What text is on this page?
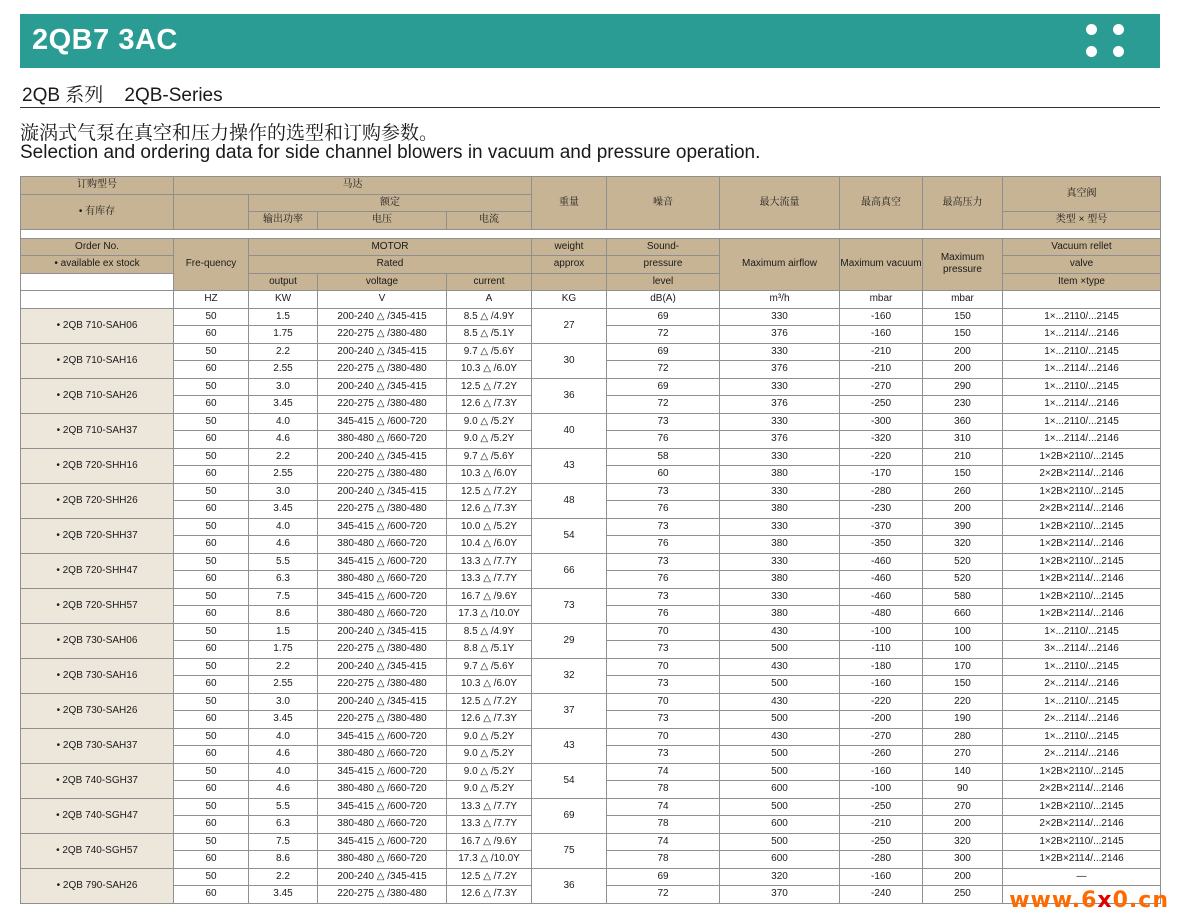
2QB7 3AC
2QB 系列    2QB-Series
漩涡式气泵在真空和压力操作的选型和订购参数。
Selection and ordering data for side channel blowers in vacuum and pressure operation.
订购型号	马达				重量	噪音	最大流量	最高真空	最高压力	真空阀
• 有库存		额定								
		输出功率	电压	电流						类型 × 型号

Order No.	Fre-quency	MOTOR			weight	Sound-	Maximum airflow	Maximum vacuum	Maximum pressure	Vacuum rellet
• available ex stock		Rated			approx	pressure				valve
		output	voltage	current		level				Item ×type
	HZ	KW	V	A	KG	dB(A)	m³/h	mbar	mbar	
• 2QB 710-SAH06	50	1.5	200-240 △ /345-415	8.5 △ /4.9Y	27	69	330	-160	150	1×...2110/...2145
	60	1.75	220-275 △ /380-480	8.5 △ /5.1Y		72	376	-160	150	1×...2114/...2146
• 2QB 710-SAH16	50	2.2	200-240 △ /345-415	9.7 △ /5.6Y	30	69	330	-210	200	1×...2110/...2145
	60	2.55	220-275 △ /380-480	10.3 △ /6.0Y		72	376	-210	200	1×...2114/...2146
• 2QB 710-SAH26	50	3.0	200-240 △ /345-415	12.5 △ /7.2Y	36	69	330	-270	290	1×...2110/...2145
	60	3.45	220-275 △ /380-480	12.6 △ /7.3Y		72	376	-250	230	1×...2114/...2146
• 2QB 710-SAH37	50	4.0	345-415 △ /600-720	9.0 △ /5.2Y	40	73	330	-300	360	1×...2110/...2145
	60	4.6	380-480 △ /660-720	9.0 △ /5.2Y		76	376	-320	310	1×...2114/...2146
• 2QB 720-SHH16	50	2.2	200-240 △ /345-415	9.7 △ /5.6Y	43	58	330	-220	210	1×2B×2110/...2145
	60	2.55	220-275 △ /380-480	10.3 △ /6.0Y		60	380	-170	150	2×2B×2114/...2146
• 2QB 720-SHH26	50	3.0	200-240 △ /345-415	12.5 △ /7.2Y	48	73	330	-280	260	1×2B×2110/...2145
	60	3.45	220-275 △ /380-480	12.6 △ /7.3Y		76	380	-230	200	2×2B×2114/...2146
• 2QB 720-SHH37	50	4.0	345-415 △ /600-720	10.0 △ /5.2Y	54	73	330	-370	390	1×2B×2110/...2145
	60	4.6	380-480 △ /660-720	10.4 △ /6.0Y		76	380	-350	320	1×2B×2114/...2146
• 2QB 720-SHH47	50	5.5	345-415 △ /600-720	13.3 △ /7.7Y	66	73	330	-460	520	1×2B×2110/...2145
	60	6.3	380-480 △ /660-720	13.3 △ /7.7Y		76	380	-460	520	1×2B×2114/...2146
• 2QB 720-SHH57	50	7.5	345-415 △ /600-720	16.7 △ /9.6Y	73	73	330	-460	580	1×2B×2110/...2145
	60	8.6	380-480 △ /660-720	17.3 △ /10.0Y		76	380	-480	660	1×2B×2114/...2146
• 2QB 730-SAH06	50	1.5	200-240 △ /345-415	8.5 △ /4.9Y	29	70	430	-100	100	1×...2110/...2145
	60	1.75	220-275 △ /380-480	8.8 △ /5.1Y		73	500	-110	100	3×...2114/...2146
• 2QB 730-SAH16	50	2.2	200-240 △ /345-415	9.7 △ /5.6Y	32	70	430	-180	170	1×...2110/...2145
	60	2.55	220-275 △ /380-480	10.3 △ /6.0Y		73	500	-160	150	2×...2114/...2146
• 2QB 730-SAH26	50	3.0	200-240 △ /345-415	12.5 △ /7.2Y	37	70	430	-220	220	1×...2110/...2145
	60	3.45	220-275 △ /380-480	12.6 △ /7.3Y		73	500	-200	190	2×...2114/...2146
• 2QB 730-SAH37	50	4.0	345-415 △ /600-720	9.0 △ /5.2Y	43	70	430	-270	280	1×...2110/...2145
	60	4.6	380-480 △ /660-720	9.0 △ /5.2Y		73	500	-260	270	2×...2114/...2146
• 2QB 740-SGH37	50	4.0	345-415 △ /600-720	9.0 △ /5.2Y	54	74	500	-160	140	1×2B×2110/...2145
	60	4.6	380-480 △ /660-720	9.0 △ /5.2Y		78	600	-100	90	2×2B×2114/...2146
• 2QB 740-SGH47	50	5.5	345-415 △ /600-720	13.3 △ /7.7Y	69	74	500	-250	270	1×2B×2110/...2145
	60	6.3	380-480 △ /660-720	13.3 △ /7.7Y		78	600	-210	200	2×2B×2114/...2146
• 2QB 740-SGH57	50	7.5	345-415 △ /600-720	16.7 △ /9.6Y	75	74	500	-250	320	1×2B×2110/...2145
	60	8.6	380-480 △ /660-720	17.3 △ /10.0Y		78	600	-280	300	1×2B×2114/...2146
• 2QB 790-SAH26	50	2.2	200-240 △ /345-415	12.5 △ /7.2Y	36	69	320	-160	200	—
	60	3.45	220-275 △ /380-480	12.6 △ /7.3Y		72	370	-240	250	www.6x0.cn
